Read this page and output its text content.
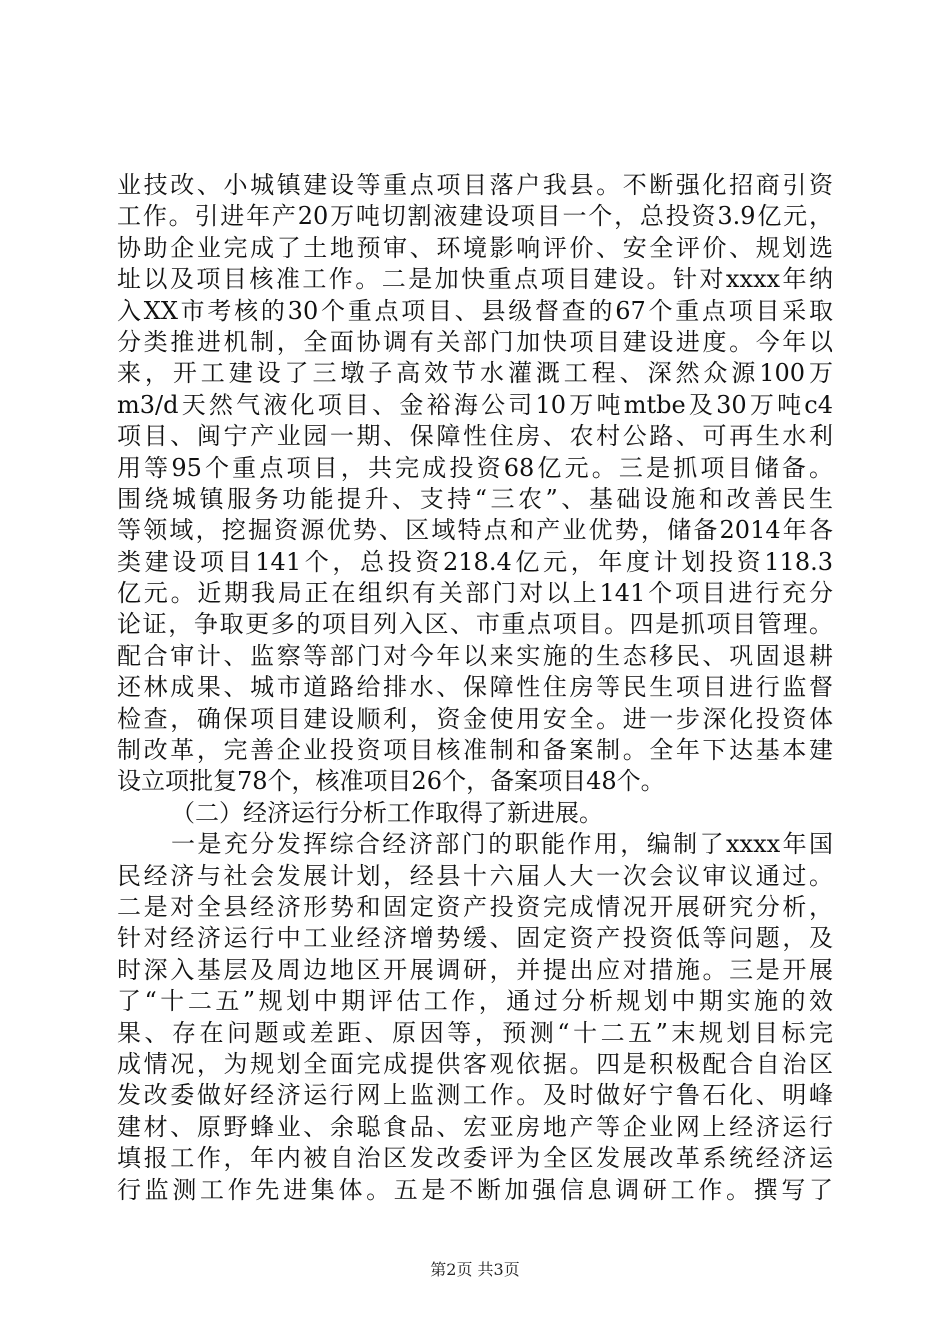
业技改、小城镇建设等重点项目落户我县。不断强化招商引资
工作。引进年产20万吨切割液建设项目一个，总投资3.9亿元，
协助企业完成了土地预审、环境影响评价、安全评价、规划选
址以及项目核准工作。二是加快重点项目建设。针对xxxx年纳
入XX市考核的30个重点项目、县级督查的67个重点项目采取
分类推进机制，全面协调有关部门加快项目建设进度。今年以
来，开工建设了三墩子高效节水灌溉工程、深然众源100万
m3/d天然气液化项目、金裕海公司10万吨mtbe及30万吨c4
项目、闽宁产业园一期、保障性住房、农村公路、可再生水利
用等95个重点项目，共完成投资68亿元。三是抓项目储备。
围绕城镇服务功能提升、支持“三农”、基础设施和改善民生
等领域，挖掘资源优势、区域特点和产业优势，储备2014年各
类建设项目141个，总投资218.4亿元，年度计划投资118.3
亿元。近期我局正在组织有关部门对以上141个项目进行充分
论证，争取更多的项目列入区、市重点项目。四是抓项目管理。
配合审计、监察等部门对今年以来实施的生态移民、巩固退耕
还林成果、城市道路给排水、保障性住房等民生项目进行监督
检查，确保项目建设顺利，资金使用安全。进一步深化投资体
制改革，完善企业投资项目核准制和备案制。全年下达基本建
设立项批复78个，核准项目26个，备案项目48个。
（二）经济运行分析工作取得了新进展。
一是充分发挥综合经济部门的职能作用，编制了xxxx年国
民经济与社会发展计划，经县十六届人大一次会议审议通过。
二是对全县经济形势和固定资产投资完成情况开展研究分析，
针对经济运行中工业经济增势缓、固定资产投资低等问题，及
时深入基层及周边地区开展调研，并提出应对措施。三是开展
了“十二五”规划中期评估工作，通过分析规划中期实施的效
果、存在问题或差距、原因等，预测“十二五”末规划目标完
成情况，为规划全面完成提供客观依据。四是积极配合自治区
发改委做好经济运行网上监测工作。及时做好宁鲁石化、明峰
建材、原野蜂业、余聪食品、宏亚房地产等企业网上经济运行
填报工作，年内被自治区发改委评为全区发展改革系统经济运
行监测工作先进集体。五是不断加强信息调研工作。撰写了
第2页 共3页
